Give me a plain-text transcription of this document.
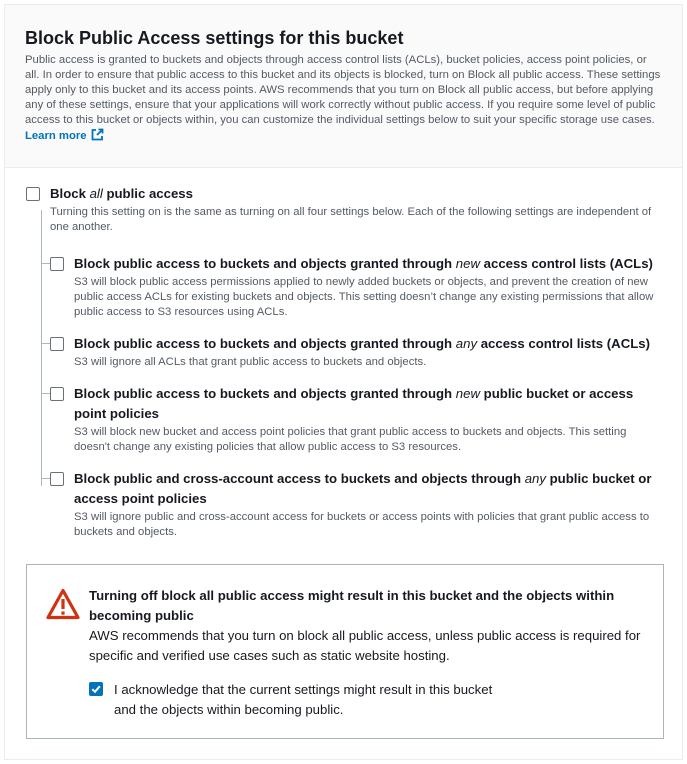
Block Public Access settings for this bucket

Public access is granted to buckets and objects through access control lists (ACLs), bucket policies, access point policies, or all. In order to ensure that public access to this bucket and its objects is blocked, turn on Block all public access. These settings apply only to this bucket and its access points. AWS recommends that you turn on Block all public access, but before applying any of these settings, ensure that your applications will work correctly without public access. If you require some level of public access to this bucket or objects within, you can customize the individual settings below to suit your specific storage use cases. Learn more

Block all public access
Turning this setting on is the same as turning on all four settings below. Each of the following settings are independent of one another.
Block public access to buckets and objects granted through new access control lists (ACLs)
S3 will block public access permissions applied to newly added buckets or objects, and prevent the creation of new public access ACLs for existing buckets and objects. This setting doesn’t change any existing permissions that allow public access to S3 resources using ACLs.
Block public access to buckets and objects granted through any access control lists (ACLs)
S3 will ignore all ACLs that grant public access to buckets and objects.
Block public access to buckets and objects granted through new public bucket or access point policies
S3 will block new bucket and access point policies that grant public access to buckets and objects. This setting doesn't change any existing policies that allow public access to S3 resources.
Block public and cross-account access to buckets and objects through any public bucket or access point policies
S3 will ignore public and cross-account access for buckets or access points with policies that grant public access to buckets and objects.
Turning off block all public access might result in this bucket and the objects within becoming public
AWS recommends that you turn on block all public access, unless public access is required for specific and verified use cases such as static website hosting.
I acknowledge that the current settings might result in this bucket and the objects within becoming public.
